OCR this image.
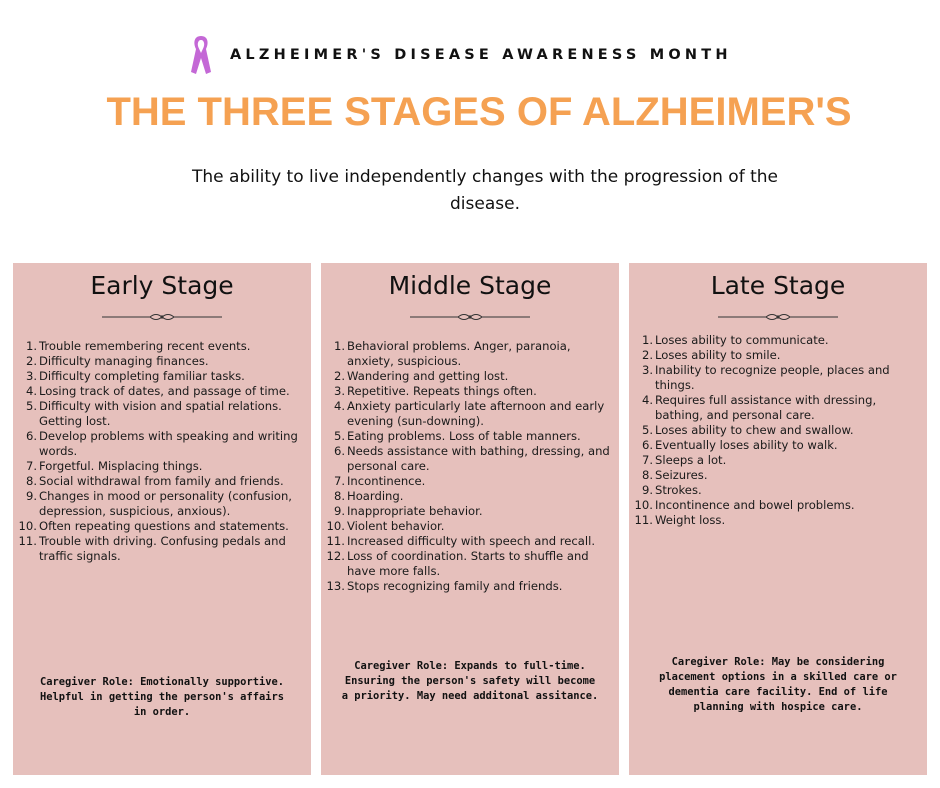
ALZHEIMER'S DISEASE AWARENESS MONTH
THE THREE STAGES OF ALZHEIMER'S
The ability to live independently changes with the progression of the disease.
Early Stage
1. Trouble remembering recent events.
2. Difficulty managing finances.
3. Difficulty completing familiar tasks.
4. Losing track of dates, and passage of time.
5. Difficulty with vision and spatial relations. Getting lost.
6. Develop problems with speaking and writing words.
7. Forgetful. Misplacing things.
8. Social withdrawal from family and friends.
9. Changes in mood or personality (confusion, depression, suspicious, anxious).
10. Often repeating questions and statements.
11. Trouble with driving. Confusing pedals and traffic signals.
Caregiver Role: Emotionally supportive. Helpful in getting the person's affairs in order.
Middle Stage
1. Behavioral problems. Anger, paranoia, anxiety, suspicious.
2. Wandering and getting lost.
3. Repetitive. Repeats things often.
4. Anxiety particularly late afternoon and early evening (sun-downing).
5. Eating problems. Loss of table manners.
6. Needs assistance with bathing, dressing, and personal care.
7. Incontinence.
8. Hoarding.
9. Inappropriate behavior.
10. Violent behavior.
11. Increased difficulty with speech and recall.
12. Loss of coordination. Starts to shuffle and have more falls.
13. Stops recognizing family and friends.
Caregiver Role: Expands to full-time. Ensuring the person's safety will become a priority. May need additonal assitance.
Late Stage
1. Loses ability to communicate.
2. Loses ability to smile.
3. Inability to recognize people, places and things.
4. Requires full assistance with dressing, bathing, and personal care.
5. Loses ability to chew and swallow.
6. Eventually loses ability to walk.
7. Sleeps a lot.
8. Seizures.
9. Strokes.
10. Incontinence and bowel problems.
11. Weight loss.
Caregiver Role: May be considering placement options in a skilled care or dementia care facility. End of life planning with hospice care.
